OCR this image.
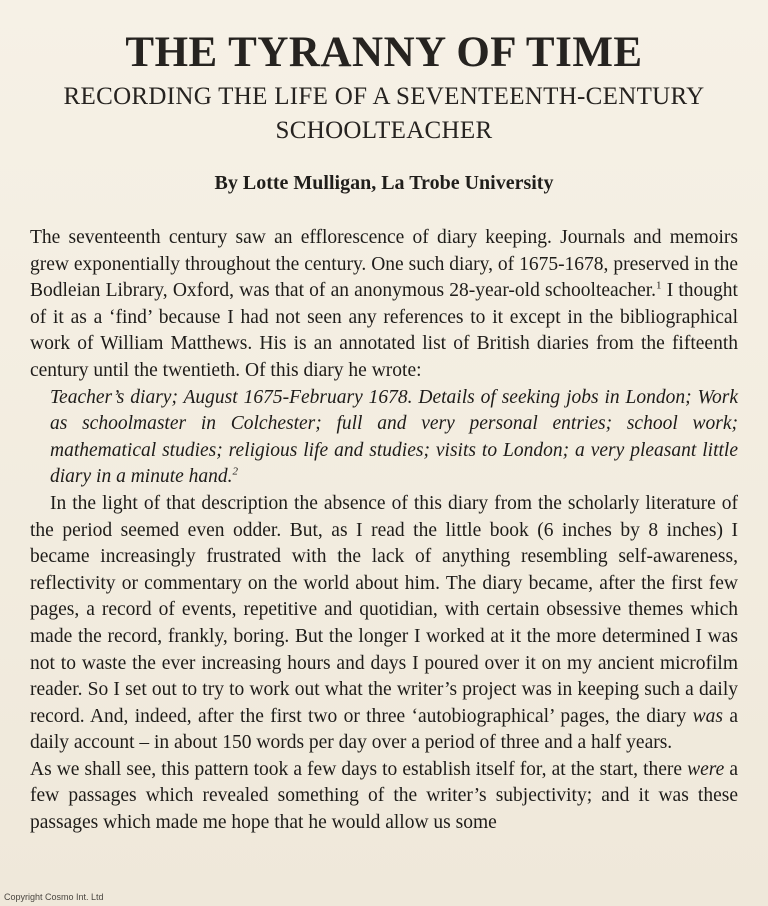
THE TYRANNY OF TIME
RECORDING THE LIFE OF A SEVENTEENTH-CENTURY SCHOOLTEACHER
By Lotte Mulligan, La Trobe University

The seventeenth century saw an efflorescence of diary keeping. Journals and memoirs grew exponentially throughout the century. One such diary, of 1675-1678, preserved in the Bodleian Library, Oxford, was that of an anonymous 28-year-old schoolteacher.$^1$ I thought of it as a ‘find’ because I had not seen any references to it except in the bibliographical work of William Matthews. His is an annotated list of British diaries from the fifteenth century until the twentieth. Of this diary he wrote:

Teacher’s diary; August 1675-February 1678. Details of seeking jobs in London; Work as schoolmaster in Colchester; full and very personal entries; school work; mathematical studies; religious life and studies; visits to London; a very pleasant little diary in a minute hand.$^2$

In the light of that description the absence of this diary from the scholarly literature of the period seemed even odder. But, as I read the little book (6 inches by 8 inches) I became increasingly frustrated with the lack of anything resembling self-awareness, reflectivity or commentary on the world about him. The diary became, after the first few pages, a record of events, repetitive and quotidian, with certain obsessive themes which made the record, frankly, boring. But the longer I worked at it the more determined I was not to waste the ever increasing hours and days I poured over it on my ancient microfilm reader. So I set out to try to work out what the writer’s project was in keeping such a daily record. And, indeed, after the first two or three ‘autobiographical’ pages, the diary was a daily account – in about 150 words per day over a period of three and a half years.

As we shall see, this pattern took a few days to establish itself for, at the start, there were a few passages which revealed something of the writer’s subjectivity; and it was these passages which made me hope that he would allow us some

Copyright Cosmo Int. Ltd
